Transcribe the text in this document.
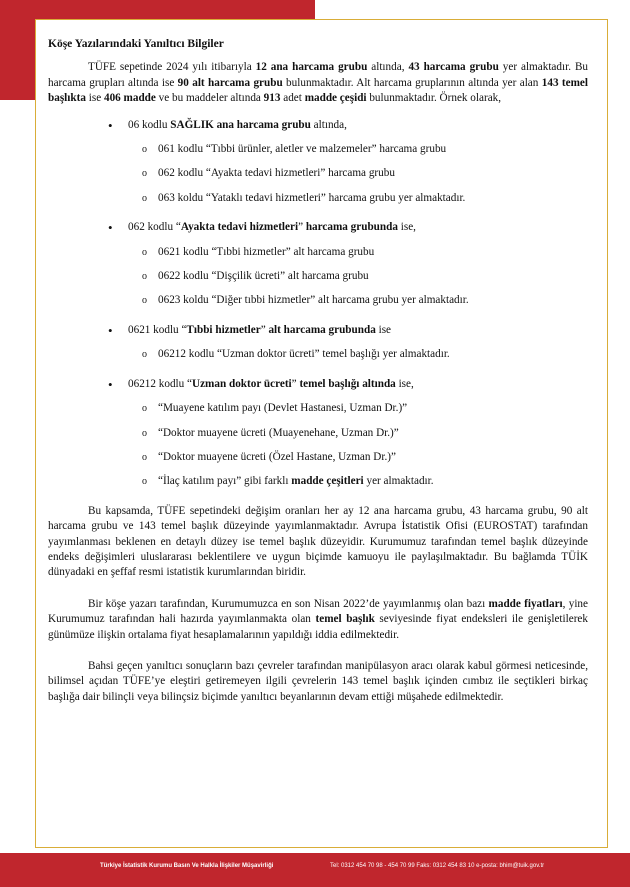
Köşe Yazılarındaki Yanıltıcı Bilgiler

TÜFE sepetinde 2024 yılı itibarıyla 12 ana harcama grubu altında, 43 harcama grubu yer almaktadır. Bu harcama grupları altında ise 90 alt harcama grubu bulunmaktadır. Alt harcama gruplarının altında yer alan 143 temel başlıkta ise 406 madde ve bu maddeler altında 913 adet madde çeşidi bulunmaktadır. Örnek olarak,

• 06 kodlu SAĞLIK ana harcama grubu altında,
o 061 kodlu “Tıbbi ürünler, aletler ve malzemeler” harcama grubu
o 062 kodlu “Ayakta tedavi hizmetleri” harcama grubu
o 063 koldu “Yataklı tedavi hizmetleri” harcama grubu yer almaktadır.
• 062 kodlu “Ayakta tedavi hizmetleri” harcama grubunda ise,
o 0621 kodlu “Tıbbi hizmetler” alt harcama grubu
o 0622 kodlu “Dişçilik ücreti” alt harcama grubu
o 0623 koldu “Diğer tıbbi hizmetler” alt harcama grubu yer almaktadır.
• 0621 kodlu “Tıbbi hizmetler” alt harcama grubunda ise
o 06212 kodlu “Uzman doktor ücreti” temel başlığı yer almaktadır.
• 06212 kodlu “Uzman doktor ücreti” temel başlığı altında ise,
o “Muayene katılım payı (Devlet Hastanesi, Uzman Dr.)”
o “Doktor muayene ücreti (Muayenehane, Uzman Dr.)”
o “Doktor muayene ücreti (Özel Hastane, Uzman Dr.)”
o “İlaç katılım payı” gibi farklı madde çeşitleri yer almaktadır.

Bu kapsamda, TÜFE sepetindeki değişim oranları her ay 12 ana harcama grubu, 43 harcama grubu, 90 alt harcama grubu ve 143 temel başlık düzeyinde yayımlanmaktadır. Avrupa İstatistik Ofisi (EUROSTAT) tarafından yayımlanması beklenen en detaylı düzey ise temel başlık düzeyidir. Kurumumuz tarafından temel başlık düzeyinde endeks değişimleri uluslararası beklentilere ve uygun biçimde kamuoyu ile paylaşılmaktadır. Bu bağlamda TÜİK dünyadaki en şeffaf resmi istatistik kurumlarından biridir.

Bir köşe yazarı tarafından, Kurumumuzca en son Nisan 2022’de yayımlanmış olan bazı madde fiyatları, yine Kurumumuz tarafından hali hazırda yayımlanmakta olan temel başlık seviyesinde fiyat endeksleri ile genişletilerek günümüze ilişkin ortalama fiyat hesaplamalarının yapıldığı iddia edilmektedir.

Bahsi geçen yanıltıcı sonuçların bazı çevreler tarafından manipülasyon aracı olarak kabul görmesi neticesinde, bilimsel açıdan TÜFE’ye eleştiri getiremeyen ilgili çevrelerin 143 temel başlık içinden cımbız ile seçtikleri birkaç başlığa dair bilinçli veya bilinçsiz biçimde yanıltıcı beyanlarının devam ettiği müşahede edilmektedir.

Türkiye İstatistik Kurumu Basın Ve Halkla İlişkiler Müşavirliği	Tel: 0312 454 70 98 - 454 70 99 Faks: 0312 454 83 10 e-posta: bhim@tuik.gov.tr
